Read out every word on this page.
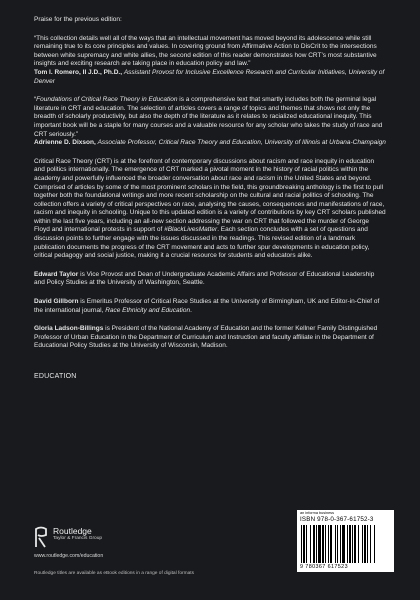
Praise for the previous edition:

“This collection details well all of the ways that an intellectual movement has moved beyond its adolescence while still remaining true to its core principles and values. In covering ground from Affirmative Action to DisCrit to the intersections between white supremacy and white allies, the second edition of this reader demonstrates how CRT’s most substantive insights and exciting research are taking place in education policy and law.”

Tom I. Romero, II J.D., Ph.D., Assistant Provost for Inclusive Excellence Research and Curricular Initiatives, University of Denver

“Foundations of Critical Race Theory in Education is a comprehensive text that smartly includes both the germinal legal literature in CRT and education. The selection of articles covers a range of topics and themes that shows not only the breadth of scholarly productivity, but also the depth of the literature as it relates to racialized educational inequity. This important book will be a staple for many courses and a valuable resource for any scholar who takes the study of race and CRT seriously.”

Adrienne D. Dixson, Associate Professor, Critical Race Theory and Education, University of Illinois at Urbana-Champaign

Critical Race Theory (CRT) is at the forefront of contemporary discussions about racism and race inequity in education and politics internationally. The emergence of CRT marked a pivotal moment in the history of racial politics within the academy and powerfully influenced the broader conversation about race and racism in the United States and beyond. Comprised of articles by some of the most prominent scholars in the field, this groundbreaking anthology is the first to pull together both the foundational writings and more recent scholarship on the cultural and racial politics of schooling. The collection offers a variety of critical perspectives on race, analysing the causes, consequences and manifestations of race, racism and inequity in schooling. Unique to this updated edition is a variety of contributions by key CRT scholars published within the last five years, including an all-new section addressing the war on CRT that followed the murder of George Floyd and international protests in support of #BlackLivesMatter. Each section concludes with a set of questions and discussion points to further engage with the issues discussed in the readings. This revised edition of a landmark publication documents the progress of the CRT movement and acts to further spur developments in education policy, critical pedagogy and social justice, making it a crucial resource for students and educators alike.

Edward Taylor is Vice Provost and Dean of Undergraduate Academic Affairs and Professor of Educational Leadership and Policy Studies at the University of Washington, Seattle.

David Gillborn is Emeritus Professor of Critical Race Studies at the University of Birmingham, UK and Editor-in-Chief of the international journal, Race Ethnicity and Education.

Gloria Ladson-Billings is President of the National Academy of Education and the former Kellner Family Distinguished Professor of Urban Education in the Department of Curriculum and Instruction and faculty affiliate in the Department of Educational Policy Studies at the University of Wisconsin, Madison.

EDUCATION

Routledge
Taylor & Francis Group
www.routledge.com/education
Routledge titles are available as eBook editions in a range of digital formats
an informa business
ISBN 978-0-367-61752-3
9 780367 617523
